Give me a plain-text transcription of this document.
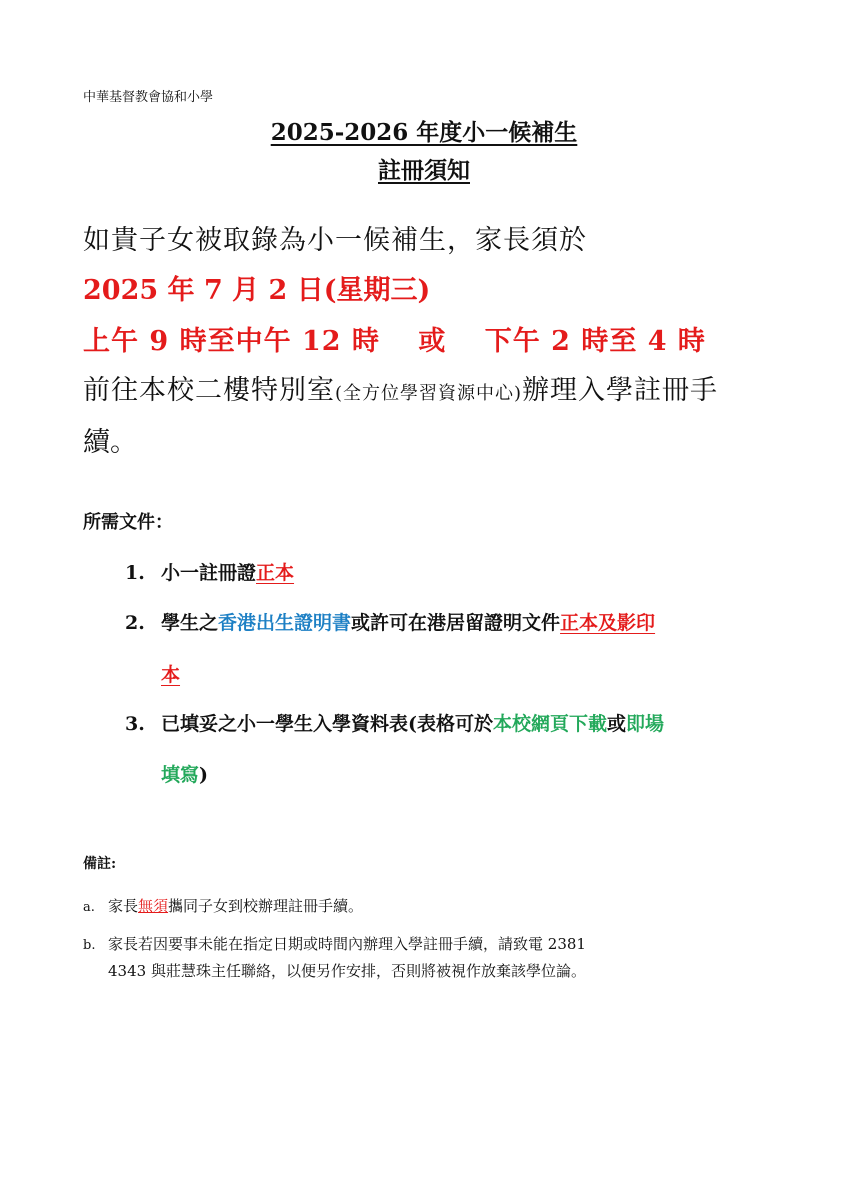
中華基督教會協和小學
2025-2026 年度小一候補生
註冊須知
如貴子女被取錄為小一候補生，家長須於
2025 年 7 月 2 日(星期三)
上午 9 時至中午 12 時　 或　 下午 2 時至 4 時
前往本校二樓特別室(全方位學習資源中心)辦理入學註冊手
續。
所需文件：
1. 小一註冊證正本
2. 學生之香港出生證明書或許可在港居留證明文件正本及影印
本
3. 已填妥之小一學生入學資料表(表格可於本校網頁下載或即場
填寫)
備註:
a. 家長無須攜同子女到校辦理註冊手續。
b. 家長若因要事未能在指定日期或時間內辦理入學註冊手續，請致電 2381
4343 與莊慧珠主任聯絡，以便另作安排，否則將被視作放棄該學位論。
